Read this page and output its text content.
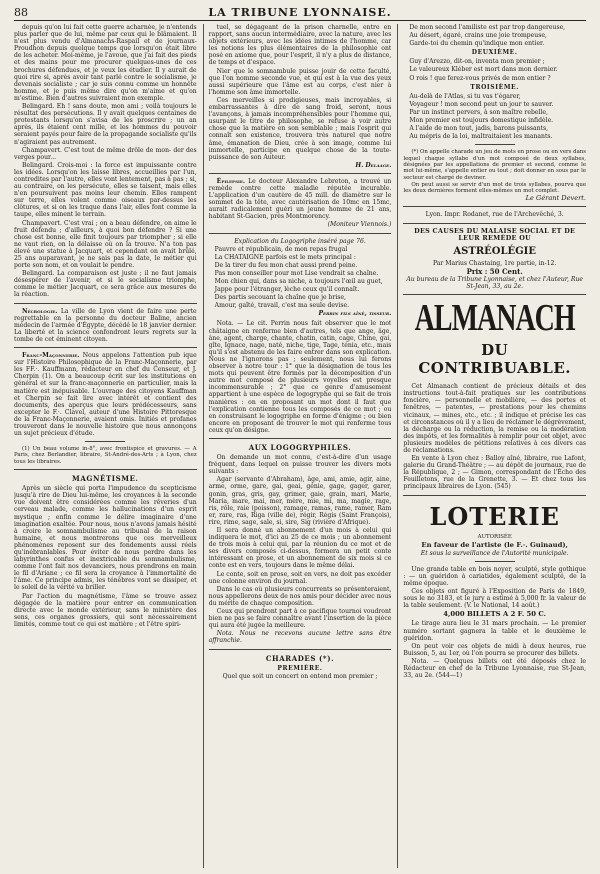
88	LA TRIBUNE LYONNAISE.

depuis qu'on lui fait cette guerre acharnée, je n'entends plus parler que de lui, même par ceux qui le blâmaient. Il n'est plus vendu d'Almanachs-Raspail et de journaux-Proudhon depuis quelque temps que lorsqu'on était libre de les acheter. Moi-même, je l'avoue, que j'ai fait des pieds et des mains pour me procurer quelques-unes de ces brochures défendues, et je veux les étudier. Il y aurait de quoi rire si, après avoir tant parlé contre le socialisme, je devenais socialiste ; car je suis connu comme un honnête homme, et je puis même dire qu'on m'aime et qu'on m'estime. Bien d'autres suivraient mon exemple.

Belingard. Eh ! sans doute, mon ami ; voilà toujours le résultat des persécutions. Il y avait quelques centaines de protestants lorsqu'on s'avisa de les proscrire ; un an après, ils étaient cent mille, et les hommes du pouvoir seraient payés pour faire de la propagande socialiste qu'ils n'agiraient pas autrement.

Champavert. C'est tout de même drôle de mon- der des verges pour...

Belingard. Crois-moi : la force est impuissante contre les idées. Lorsqu'on les laisse libres, accueillies par l'un, contredites par l'autre, elles vont lentement, pas à pas ; si, au contraire, on les persécute, elles se taisent, mais elles n'en poursuivent pas moins leur chemin. Elles rampent sur terre, elles volent comme oiseaux par-dessus les clôtures, et si on les traque dans l'air, elles font comme la taupe, elles minent le terrain.

Champavert. C'est vrai ; on a beau défendre, on aime le fruit défendu ; d'ailleurs, à quoi bon défendre ? Si une chose est bonne, elle finit toujours par triompher ; si elle ne vaut rien, on la délaisse où on la trouve. N'a ton pas élevé une statue à Jacquart, et cependant on avait brûlé, 25 ans auparavant, je ne sais pas la date, le métier qui porte son nom, et on voulait le pendre.

Belingard. La comparaison est juste ; il ne faut jamais désespérer de l'avenir, et si le socialisme triomphe, comme le métier Jacquart, ce sera grâce aux mesures de la réaction.

Nécrologie. La ville de Lyon vient de faire une perte regrettable en la personne du docteur Baline, ancien médecin de l'armée d'Égypte, décédé le 18 janvier dernier. La liberté et la science confondront leurs regrets sur la tombe de cet éminent citoyen.

Franc-Maçonnerie. Nous appelons l'attention pub ique sur l'Histoire Philosophique de la Franc-Maçonnerie, par les FF.·. Kauffmann, rédacteur en chef du Censeur, et J. Cherpin (1). On a beaucoup écrit sur les institutions en général et sur la franc-maçonnerie en particulier, mais la matière est inépuisable. L'ouvrage des citoyens Kauffman et Cherpin se fait lire avec intérêt et contient des documents, des aperçus que leurs prédécesseurs, sans excepter le F.·. Clavel, auteur d'une Histoire Pittoresque de la Franc-Maçonnerie, avaient omis. Initiés et profanes trouveront dans le nouvelle histoire que nous annonçons un sujet précieux d'étude.

(1) Un beau volume in-8°, avec frontispice et gravures. — A Paris, chez Berlandier, libraire, St-André-des-Arts ; à Lyon, chez tous les libraires.

MAGNÉTISME.

Après un siècle qui porta l'impudence du scepticisme jusqu'à rire de Dieu lui-même, les croyances à la seconde vue doivent être considérées comme les rêveries d'un cerveau malade, comme les hallucinations d'un esprit mystique ; enfin comme le délire imaginaire d'une imagination exaltée. Pour nous, nous n'avons jamais hésité à croire le somnambulisme au tribunal de la raison humaine, et nous montrerons que ces merveilleux phénomènes reposent sur des fondements aussi réels qu'inébranlables. Pour éviter de nous perdre dans les labyrinthes confus et inextricable du somnambulisme, comme l'ont fait nos devanciers, nous prendrons en main le fil d'Ariane ; ce fil sera la croyance à l'immortalité de l'âme. Ce principe admis, les ténèbres vont se dissiper, et le soleil de la vérité va briller.

Par l'action du magnétisme, l'âme se trouve assez dégagée de la matière pour entrer en communication directe avec le monde extérieur, sans le ministère des sens, ces organes grossiers, qui sont nécessairement limités, comme tout ce qui est matière ; et l'être spiri-

tuel, se dégageant de la prison charnelle, entre en rapport, sans aucun intermédiaire, avec la nature, avec les objets extérieurs, avec les idées intimes de l'homme, car les notions les plus élémentaires de la philosophie ont posé en axiome que, pour l'esprit, il n'y a plus de distance, de temps et d'espace.

Nier que le somnambule puisse jouir de cette faculté, que l'on nomme seconde vue, et qui est à la vue des yeux aussi supérieure que l'âme est au corps, c'est nier à l'homme son âme immortelle.

Ces merveilles si prodigieuses, mais incroyables, si embarrassantes à dire de sang froid, seront, nous l'avançons, à jamais incompréhensibles pour l'homme qui, usurpant le titre de philosophe, se refuse à voir autre chose que la matière en son semblable ; mais l'esprit qui connaît son existence, trouvera très naturel que notre âme, émanation de Dieu, crée à son image, comme lui immortelle, participe en quelque chose de la toute-puissance de son Auteur.

H. Delaage.

Épilepsie. Le docteur Alexandre Lebreton, a trouvé un remède contre cette maladie réputée incurable. L'application d'un cautère de 45 mill. de diamètre sur le sommet de la tête, avec cautérisation de 10mc en 15mc, aurait radicalement guéri un jeune homme de 21 ans, habitant St-Gacien, près Montmorency.

(Moniteur Viennois.)

Explication du Logogriphe inséré page 76.

Pauvre et républicain, de mon repas frugal

La CHATAIGNE parfois est le mets principal :

De la tirer du feu mon chat aussi prend peine.

Pas mon conseiller pour mot Lise vendrait sa chaîne.

Mon chien qui, dans sa niche, a toujours l'œil au guet,

Jappe pour l'étranger, lèche ceux qu'il connaît.

Des partis secouant la chaîne que je brise,

Amour, gaîté, travail, c'est ma seule devise.

Perrin fils aîné, tisseur.

Nota. — Le cit. Perrin nous fait observer que le mot châtaigne en renferme bien d'autres, tels que ange, âge, âne, agent, charge, chante, chatin, catin, cage, Chine, gai, gîte, Ignace, nage, naté, niche, tige, Tage, ténia, etc., mais qu'il s'est abstenu de les faire entrer dans son explication. Nous ne l'ignorons pas ; seulement, nous lui ferons observer à notre tour : 1° que la désignation de tous les mots qui peuvent être formés par la décomposition d'un autre mot composé de plusieurs voyelles est presque incommensurable ; 2° que ce genre d'amusement appartient à une espèce de logogryphe qui se fait de trois manières : on en proposant un mot dont il faut que l'explication contienne tous les composés de ce mot ; ou en construisant le logogriphe en forme d'énigme ; ou bien encore en proposant de trouver le mot qui renferme tous ceux qu'on désigne.

AUX LOGOGRYPHILES.

On demande un mot connu, c'est-à-dire d'un usage fréquent, dans lequel on puisse trouver les divers mots suivants :

Agar (servante d'Abraham), âge, ami, amie, agir, aine, arme, orme, gare, gai, geai, génie, gage, gager, garer, gonin, gras, gris, gay, grimer, gaie, grain, mari, Marie, Maria, mare, mai, mer, mère, mie, mi, ma, magie, rage, ris, rôle, raie (poisson), ramage, ramas, rame, ramer, Ram er, rare, ras, Riga (ville de), régir, Régis (Saint François), rire, rime, sage, sale, si, sire, Sig (rivière d'Afrique).

Il sera donné un abonnement d'un mois à celui qui indiquera le mot, d'ici au 25 de ce mois ; un abonnement de trois mois à celui qui, par la réunion du ce mot et de ses divers composés ci-dessus, formera un petit conte intéressant en prose, et un abonnement de six mois si ce conte est en vers, toujours dans le même délai.

Le conte, soit en prose, soit en vers, ne doit pas excéder une colonne environ du journal.

Dans le cas où plusieurs concurrents se présenteraient, nous appellerons deux de nos amis pour décider avec nous du mérite de chaque composition.

Ceux qui prendront part à ce pacifique tournoi voudront bien ne pas se faire connaître avant l'insertion de la pièce qui aura été jugée la meilleure.

Nota. Nous ne recevons aucune lettre sans être affranchie.

CHARADES (*).
PREMIÈRE.

Quel que soit un concert on entend mon premier ;

De mon second l'amiliste est par trop dangereuse,

Au désert, égaré, crains une joie trompeuse,

Garde-toi du chemin qu'indique mon entier.

DEUXIÈME.

Guy d'Arezzo, dit-on, inventa mon premier ;

Le valeureux Kléber est mort dans mon dernier.

O rois ! que ferez-vous privés de mon entier ?

TROISIÈME.

Au-delà de l'Atlas, si tu vas t'égarer,

Voyageur ! mon second peut un jour te sauver.

Par un instinct pervers, à son maître rebelle,

Mon premier est toujours domestique infidèle.

A l'aide de mon tout, jadis, barons puissants,

Au mépris de la loi, maltraitaient les manants.

(*) On appelle charade un jeu de mots en prose ou en vers dans lequel chaque syllabe d'un mot composé de deux syllabes, désignées par les appellations de premier et second, comme le mot lui-même, s'appelle entier ou tout ; doit donner en sous par le secteur est chargé de deviner.

On peut aussi se servir d'un mot de trois syllabes, pourvu que les deux dernières forment elles-mêmes un mot complet.

Le Gérant Devert.

Lyon. Impr. Rodanet, rue de l'Archevêché, 3.

DES CAUSES DU MALAISE SOCIAL ET DE LEUR REMÈDE OU
ASTRÉOLÉGIE

Par Marius Chastaing, 1re partie, in-12.

Prix : 50 Cent.

Au bureau de la Tribune Lyonnaise, et chez l'Auteur, Rue St-Jean, 33, au 2e.

ALMANACH
DU CONTRIBUABLE.

Cet Almanach contient de précieux détails et des instructions tout-à-fait pratiques sur les contributions foncière, — personnelle et mobilière, — des portes et fenêtres, — patentes, — prestations pour les chemins vicinaux, — mines, etc., etc. ; il indique et précise les cas et circonstances où il y a lieu de réclamer le dégrèvement, la décharge ou la réduction, la remise ou la modération des impôts, et les formalités à remplir pour cet objet, avec plusieurs modèles de pétitions relatives à ces divers cas de réclamations.

En vente à Lyon chez : Balloy aîné, libraire, rue Lafont, galerie du Grand-Théâtre ; — au dépôt de journaux, rue de la République, 2 ; — Gimon, correspondant de l'Écho des Feuilletons, rue de la Grenette, 3. — Et chez tous les principaux libraires de Lyon. (545)

LOTERIE

AUTORISÉE

En faveur de l'artiste (le F.·. Guinaud),

Et sous la surveillance de l'Autorité municipale.

Une grande table en bois noyer, sculpté, style gothique : — un guéridon à cariatides, également sculpté, de la même époque.

Ces objets ont figuré à l'Exposition de Paris de 1849, sous le no 3183, et le jury a estimé à 5,000 fr. la valeur de la table seulement. (V. le National, 14 août.)

4,000 BILLETS A 2 F. 50 C.

Le tirage aura lieu le 31 mars prochain. — Le premier numéro sortant gagnera la table et le deuxième le guéridon.

On peut voir ces objets de midi à deux heures, rue Buisson, 5, au 1er, où l'on pourra se procurer des billets.

Nota. — Quelques billets ont été déposés chez le Rédacteur en chef de la Tribune Lyonnaise, rue St-Jean, 33, au 2e. (544—1)
